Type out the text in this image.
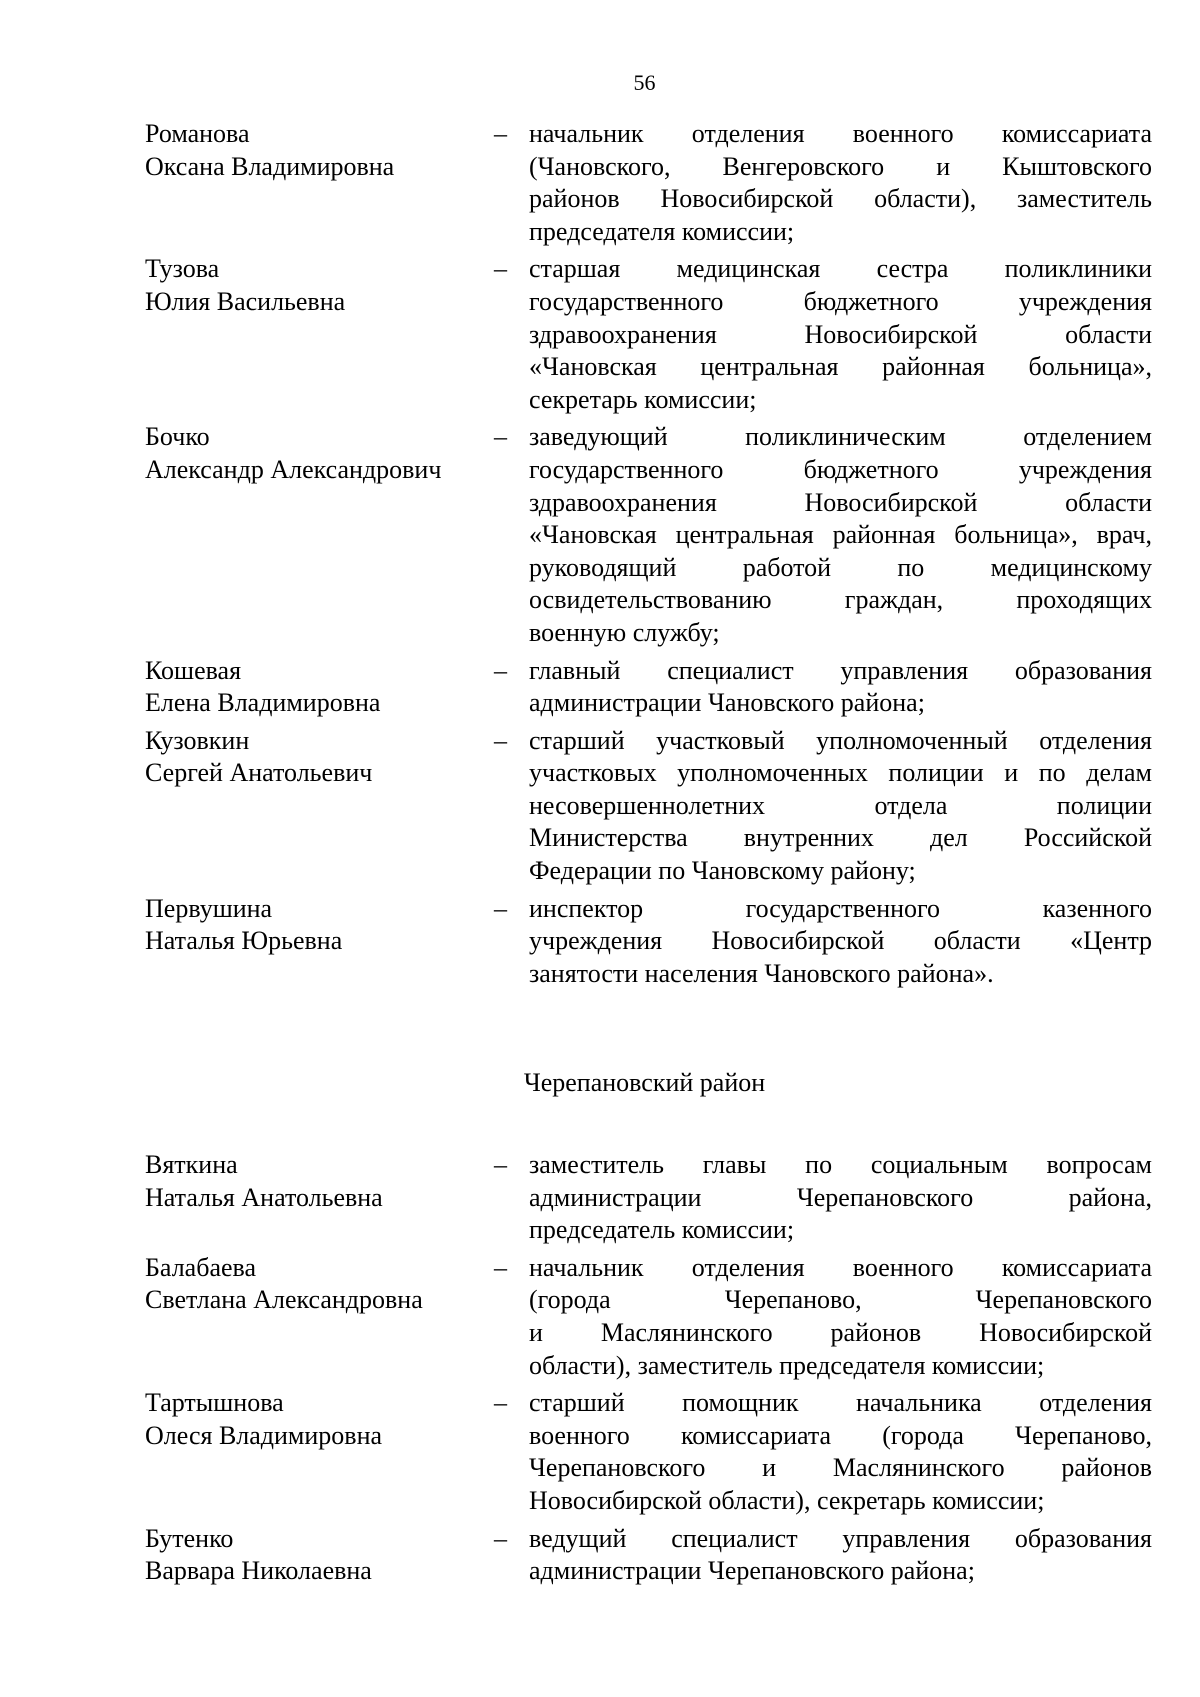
56
Романова
Оксана Владимировна
– начальник отделения военного комиссариата
(Чановского, Венгеровского и Кыштовского
районов Новосибирской области), заместитель
председателя комиссии;
Тузова
Юлия Васильевна
– старшая медицинская сестра поликлиники
государственного бюджетного учреждения
здравоохранения Новосибирской области
«Чановская центральная районная больница»,
секретарь комиссии;
Бочко
Александр Александрович
– заведующий поликлиническим отделением
государственного бюджетного учреждения
здравоохранения Новосибирской области
«Чановская центральная районная больница», врач,
руководящий работой по медицинскому
освидетельствованию граждан, проходящих
военную службу;
Кошевая
Елена Владимировна
– главный специалист управления образования
администрации Чановского района;
Кузовкин
Сергей Анатольевич
– старший участковый уполномоченный отделения
участковых уполномоченных полиции и по делам
несовершеннолетних отдела полиции
Министерства внутренних дел Российской
Федерации по Чановскому району;
Первушина
Наталья Юрьевна
– инспектор государственного казенного
учреждения Новосибирской области «Центр
занятости населения Чановского района».
Черепановский район
Вяткина
Наталья Анатольевна
– заместитель главы по социальным вопросам
администрации Черепановского района,
председатель комиссии;
Балабаева
Светлана Александровна
– начальник отделения военного комиссариата
(города Черепаново, Черепановского
и Маслянинского районов Новосибирской
области), заместитель председателя комиссии;
Тартышнова
Олеся Владимировна
– старший помощник начальника отделения
военного комиссариата (города Черепаново,
Черепановского и Маслянинского районов
Новосибирской области), секретарь комиссии;
Бутенко
Варвара Николаевна
– ведущий специалист управления образования
администрации Черепановского района;
